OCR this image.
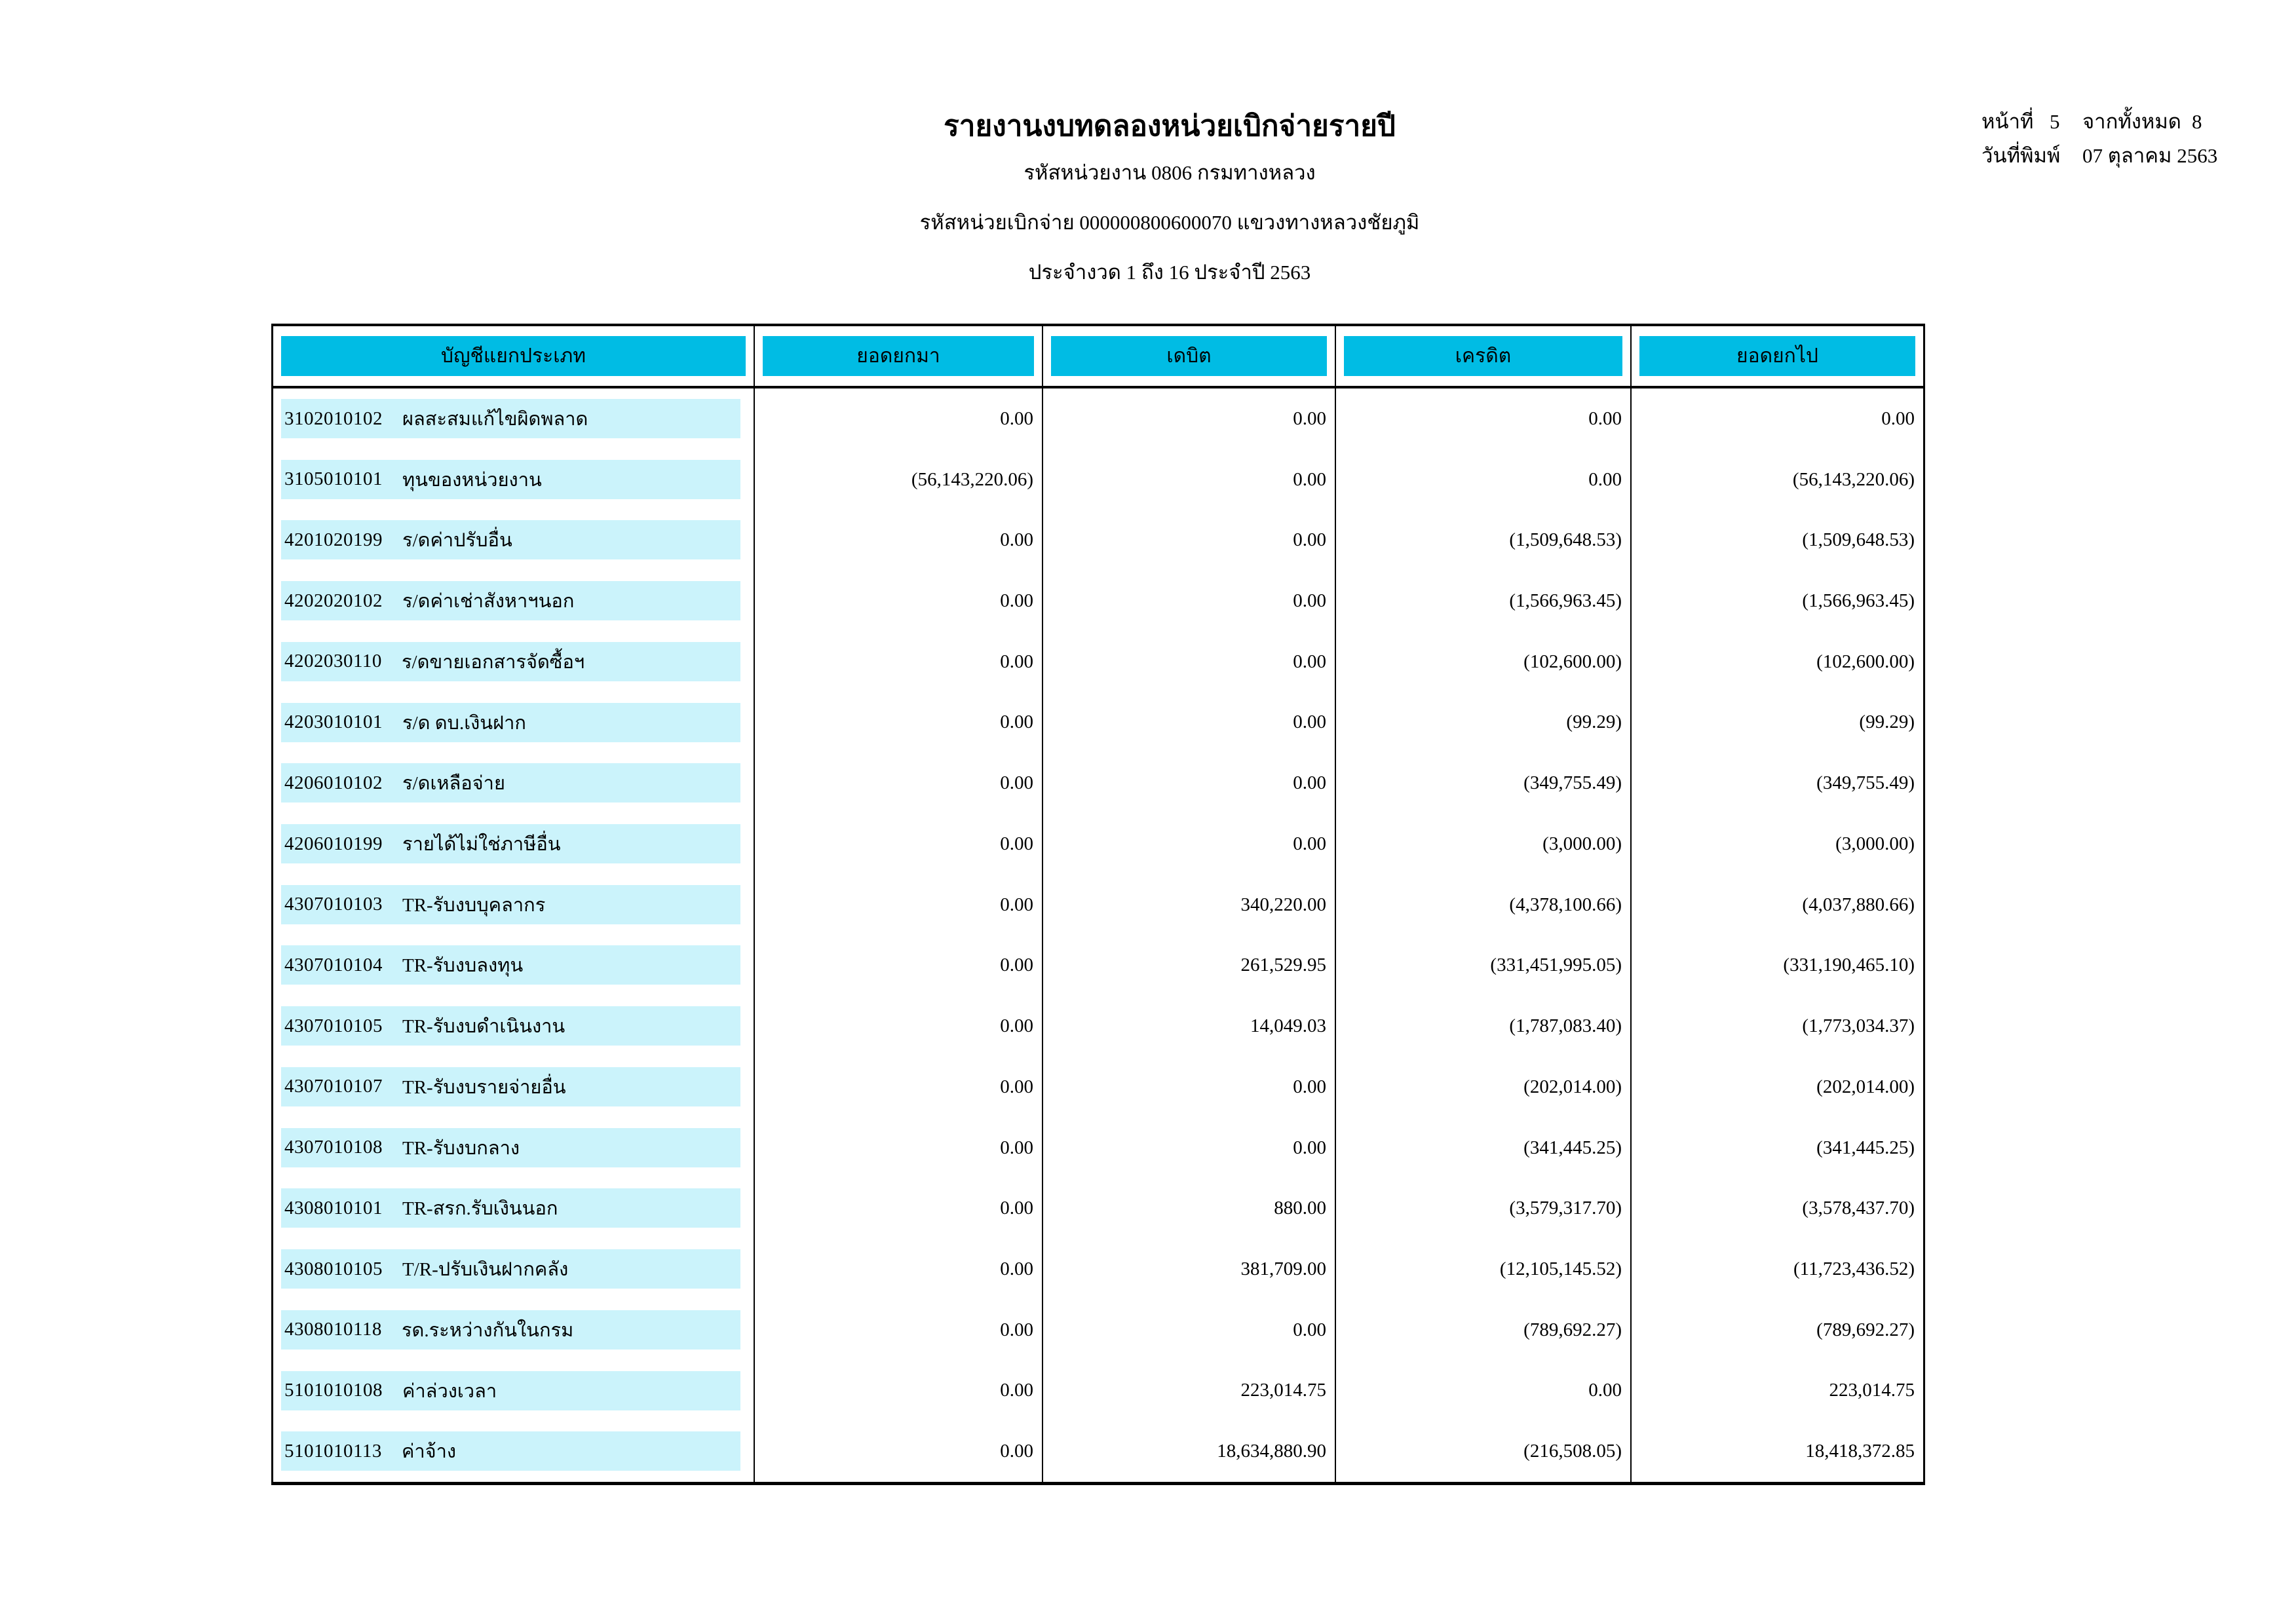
หน้าที่ 5 จากทั้งหมด 8
วันที่พิมพ์ 07 ตุลาคม 2563
รายงานงบทดลองหน่วยเบิกจ่ายรายปี
รหัสหน่วยงาน 0806 กรมทางหลวง
รหัสหน่วยเบิกจ่าย 000000800600070 แขวงทางหลวงชัยภูมิ
ประจำงวด 1 ถึง 16 ประจำปี 2563
บัญชีแยกประเภท	ยอดยกมา	เดบิต	เครดิต	ยอดยกไป
3102010102 ผลสะสมแก้ไขผิดพลาด	0.00	0.00	0.00	0.00
3105010101 ทุนของหน่วยงาน	(56,143,220.06)	0.00	0.00	(56,143,220.06)
4201020199 ร/ดค่าปรับอื่น	0.00	0.00	(1,509,648.53)	(1,509,648.53)
4202020102 ร/ดค่าเช่าสังหาฯนอก	0.00	0.00	(1,566,963.45)	(1,566,963.45)
4202030110 ร/ดขายเอกสารจัดซื้อฯ	0.00	0.00	(102,600.00)	(102,600.00)
4203010101 ร/ด ดบ.เงินฝาก	0.00	0.00	(99.29)	(99.29)
4206010102 ร/ดเหลือจ่าย	0.00	0.00	(349,755.49)	(349,755.49)
4206010199 รายได้ไม่ใช่ภาษีอื่น	0.00	0.00	(3,000.00)	(3,000.00)
4307010103 TR-รับงบบุคลากร	0.00	340,220.00	(4,378,100.66)	(4,037,880.66)
4307010104 TR-รับงบลงทุน	0.00	261,529.95	(331,451,995.05)	(331,190,465.10)
4307010105 TR-รับงบดำเนินงาน	0.00	14,049.03	(1,787,083.40)	(1,773,034.37)
4307010107 TR-รับงบรายจ่ายอื่น	0.00	0.00	(202,014.00)	(202,014.00)
4307010108 TR-รับงบกลาง	0.00	0.00	(341,445.25)	(341,445.25)
4308010101 TR-สรก.รับเงินนอก	0.00	880.00	(3,579,317.70)	(3,578,437.70)
4308010105 T/R-ปรับเงินฝากคลัง	0.00	381,709.00	(12,105,145.52)	(11,723,436.52)
4308010118 รด.ระหว่างกันในกรม	0.00	0.00	(789,692.27)	(789,692.27)
5101010108 ค่าล่วงเวลา	0.00	223,014.75	0.00	223,014.75
5101010113 ค่าจ้าง	0.00	18,634,880.90	(216,508.05)	18,418,372.85
